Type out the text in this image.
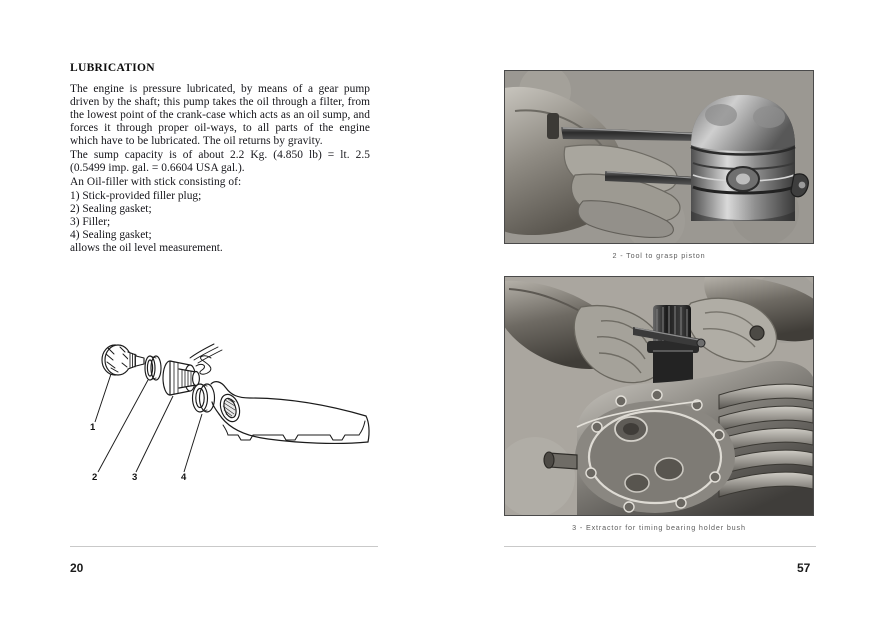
LUBRICATION

The engine is pressure lubricated, by means of a gear pump driven by the shaft; this pump takes the oil through a filter, from the lowest point of the crank-case which acts as an oil sump, and forces it through proper oil-ways, to all parts of the engine which have to be lubricated. The oil returns by gravity.

The sump capacity is of about 2.2 Kg. (4.850 lb) = lt. 2.5 (0.5499 imp. gal. = 0.6604 USA gal.).

An Oil-filler with stick consisting of:

1) Stick-provided filler plug;

2) Sealing gasket;

3) Filler;

4) Sealing gasket;

allows the oil level measurement.

1
2	3	4
20
2 - Tool to grasp piston
3 - Extractor for timing bearing holder bush
57
